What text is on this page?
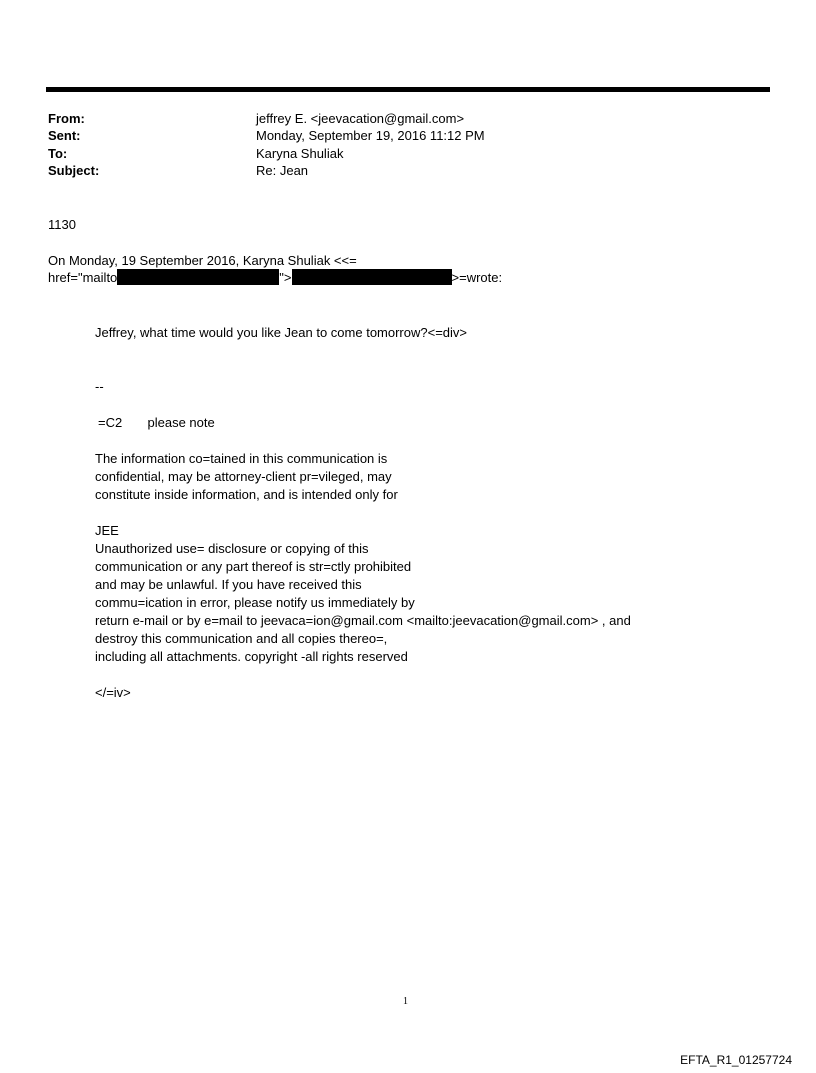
From:	jeffrey E. <jeevacation@gmail.com>
Sent:	Monday, September 19, 2016 11:12 PM
To:	Karyna Shuliak
Subject:	Re: Jean
1130
On Monday, 19 September 2016, Karyna Shuliak <<=
href="mailto	">	>=wrote:
Jeffrey, what time would you like Jean to come tomorrow?<=div>
--
=C2       please note
The information co=tained in this communication is
confidential, may be attorney-client pr=vileged, may
constitute inside information, and is intended only for
JEE
Unauthorized use= disclosure or copying of this
communication or any part thereof is str=ctly prohibited
and may be unlawful. If you have received this
commu=ication in error, please notify us immediately by
return e-mail or by e=mail to jeevaca=ion@gmail.com <mailto:jeevacation@gmail.com> , and
destroy this communication and all copies thereo=,
including all attachments. copyright -all rights reserved
</=iv>
1
EFTA_R1_01257724
